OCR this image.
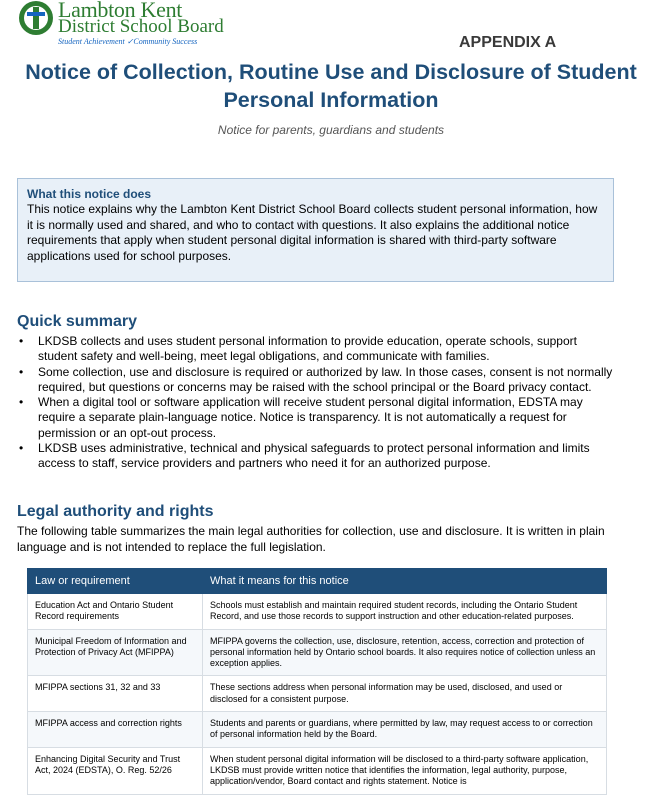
Lambton Kent
District School Board
Student Achievement ✓Community Success	APPENDIX A
Notice of Collection, Routine Use and Disclosure of Student Personal Information
Notice for parents, guardians and students
What this notice does
This notice explains why the Lambton Kent District School Board collects student personal information, how it is normally used and shared, and who to contact with questions. It also explains the additional notice requirements that apply when student personal digital information is shared with third-party software applications used for school purposes.
Quick summary
• LKDSB collects and uses student personal information to provide education, operate schools, support student safety and well-being, meet legal obligations, and communicate with families.
• Some collection, use and disclosure is required or authorized by law. In those cases, consent is not normally required, but questions or concerns may be raised with the school principal or the Board privacy contact.
• When a digital tool or software application will receive student personal digital information, EDSTA may require a separate plain-language notice. Notice is transparency. It is not automatically a request for permission or an opt-out process.
• LKDSB uses administrative, technical and physical safeguards to protect personal information and limits access to staff, service providers and partners who need it for an authorized purpose.
Legal authority and rights
The following table summarizes the main legal authorities for collection, use and disclosure. It is written in plain language and is not intended to replace the full legislation.
Law or requirement	What it means for this notice
Education Act and Ontario Student Record requirements	Schools must establish and maintain required student records, including the Ontario Student Record, and use those records to support instruction and other education-related purposes.
Municipal Freedom of Information and Protection of Privacy Act (MFIPPA)	MFIPPA governs the collection, use, disclosure, retention, access, correction and protection of personal information held by Ontario school boards. It also requires notice of collection unless an exception applies.
MFIPPA sections 31, 32 and 33	These sections address when personal information may be used, disclosed, and used or disclosed for a consistent purpose.
MFIPPA access and correction rights	Students and parents or guardians, where permitted by law, may request access to or correction of personal information held by the Board.
Enhancing Digital Security and Trust Act, 2024 (EDSTA), O. Reg. 52/26	When student personal digital information will be disclosed to a third-party software application, LKDSB must provide written notice that identifies the information, legal authority, purpose, application/vendor, Board contact and rights statement. Notice is
